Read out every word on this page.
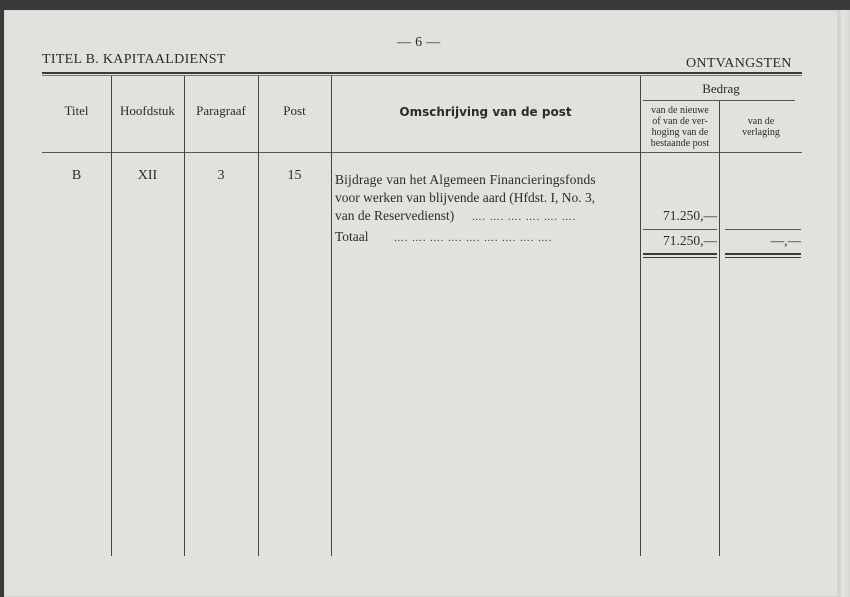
TITEL B. KAPITAALDIENST
— 6 —
ONTVANGSTEN
Titel	Hoofdstuk	Paragraaf	Post	Omschrijving van de post
Bedrag
van de nieuwe
of van de ver-
hoging van de
bestaande post
van de
verlaging
B	XII	3	15	Bijdrage van het Algemeen Financieringsfonds
voor werken van blijvende aard (Hfdst. I, No. 3,
van de Reservedienst) …. …. …. …. …. ….	71.250,—
Totaal	…. …. …. …. …. …. …. …. ….	71.250,—	—,—
